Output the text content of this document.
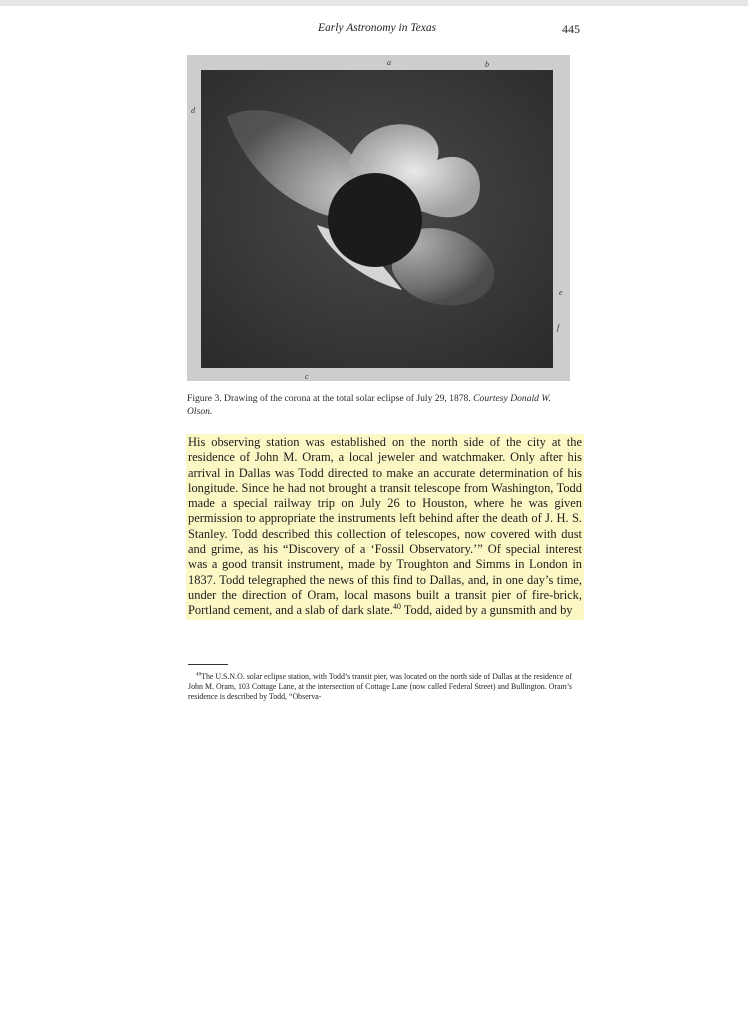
Early Astronomy in Texas	445
a	b
c
d
e
f
Figure 3. Drawing of the corona at the total solar eclipse of July 29, 1878. Courtesy Donald W. Olson.

His observing station was established on the north side of the city at the residence of John M. Oram, a local jeweler and watchmaker. Only after his arrival in Dallas was Todd directed to make an accurate determination of his longitude. Since he had not brought a transit telescope from Washington, Todd made a special railway trip on July 26 to Houston, where he was given permission to appropriate the instruments left behind after the death of J. H. S. Stanley. Todd described this collection of telescopes, now covered with dust and grime, as his “Discovery of a ‘Fossil Observatory.’” Of special interest was a good transit instrument, made by Troughton and Simms in London in 1837. Todd telegraphed the news of this find to Dallas, and, in one day’s time, under the direction of Oram, local masons built a transit pier of fire-brick, Portland cement, and a slab of dark slate.$^{40}$ Todd, aided by a gunsmith and by

$^{40}$The U.S.N.O. solar eclipse station, with Todd’s transit pier, was located on the north side of Dallas at the residence of John M. Oram, 103 Cottage Lane, at the intersection of Cottage Lane (now called Federal Street) and Bullington. Oram’s residence is described by Todd, “Observa-
